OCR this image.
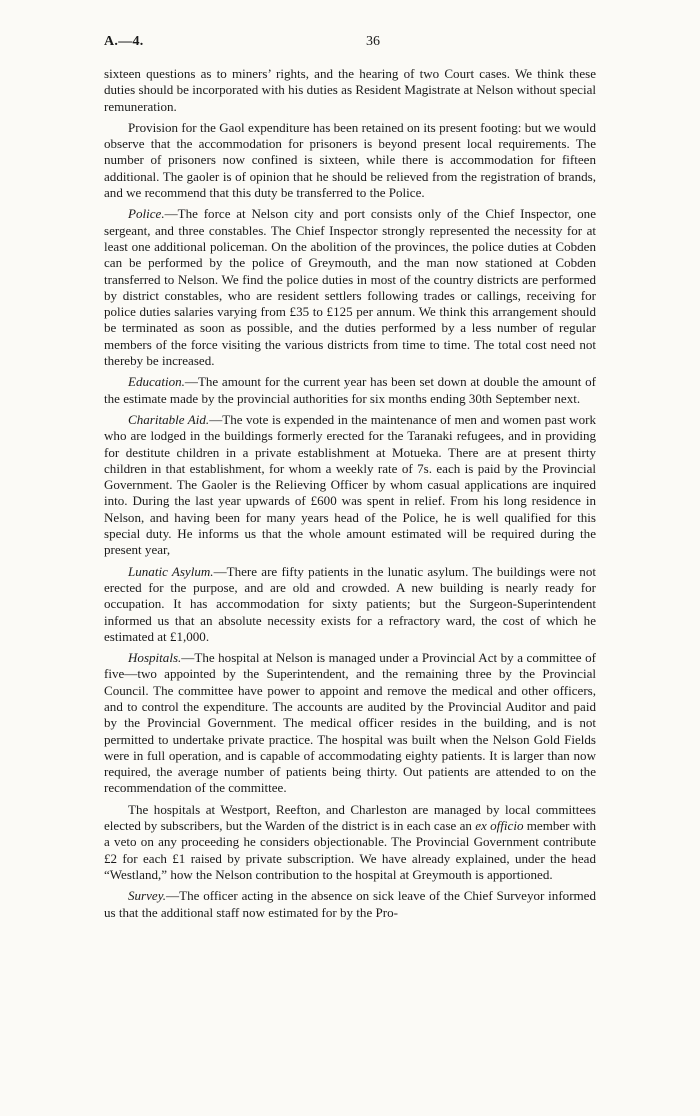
A.—4.	36

sixteen questions as to miners’ rights, and the hearing of two Court cases. We think these duties should be incorporated with his duties as Resident Magistrate at Nelson without special remuneration.

Provision for the Gaol expenditure has been retained on its present footing: but we would observe that the accommodation for prisoners is beyond present local requirements. The number of prisoners now confined is sixteen, while there is accommodation for fifteen additional. The gaoler is of opinion that he should be relieved from the registration of brands, and we recommend that this duty be transferred to the Police.

Police.—The force at Nelson city and port consists only of the Chief Inspector, one sergeant, and three constables. The Chief Inspector strongly represented the necessity for at least one additional policeman. On the abolition of the provinces, the police duties at Cobden can be performed by the police of Greymouth, and the man now stationed at Cobden transferred to Nelson. We find the police duties in most of the country districts are performed by district constables, who are resident settlers following trades or callings, receiving for police duties salaries varying from £35 to £125 per annum. We think this arrangement should be terminated as soon as possible, and the duties performed by a less number of regular members of the force visiting the various districts from time to time. The total cost need not thereby be increased.

Education.—The amount for the current year has been set down at double the amount of the estimate made by the provincial authorities for six months ending 30th September next.

Charitable Aid.—The vote is expended in the maintenance of men and women past work who are lodged in the buildings formerly erected for the Taranaki refugees, and in providing for destitute children in a private establishment at Motueka. There are at present thirty children in that establishment, for whom a weekly rate of 7s. each is paid by the Provincial Government. The Gaoler is the Relieving Officer by whom casual applications are inquired into. During the last year upwards of £600 was spent in relief. From his long residence in Nelson, and having been for many years head of the Police, he is well qualified for this special duty. He informs us that the whole amount estimated will be required during the present year,

Lunatic Asylum.—There are fifty patients in the lunatic asylum. The buildings were not erected for the purpose, and are old and crowded. A new building is nearly ready for occupation. It has accommodation for sixty patients; but the Surgeon-Superintendent informed us that an absolute necessity exists for a refractory ward, the cost of which he estimated at £1,000.

Hospitals.—The hospital at Nelson is managed under a Provincial Act by a committee of five—two appointed by the Superintendent, and the remaining three by the Provincial Council. The committee have power to appoint and remove the medical and other officers, and to control the expenditure. The accounts are audited by the Provincial Auditor and paid by the Provincial Government. The medical officer resides in the building, and is not permitted to undertake private practice. The hospital was built when the Nelson Gold Fields were in full operation, and is capable of accommodating eighty patients. It is larger than now required, the average number of patients being thirty. Out patients are attended to on the recommendation of the committee.

The hospitals at Westport, Reefton, and Charleston are managed by local committees elected by subscribers, but the Warden of the district is in each case an ex officio member with a veto on any proceeding he considers objectionable. The Provincial Government contribute £2 for each £1 raised by private subscription. We have already explained, under the head “Westland,” how the Nelson contribution to the hospital at Greymouth is apportioned.

Survey.—The officer acting in the absence on sick leave of the Chief Surveyor informed us that the additional staff now estimated for by the Pro-
